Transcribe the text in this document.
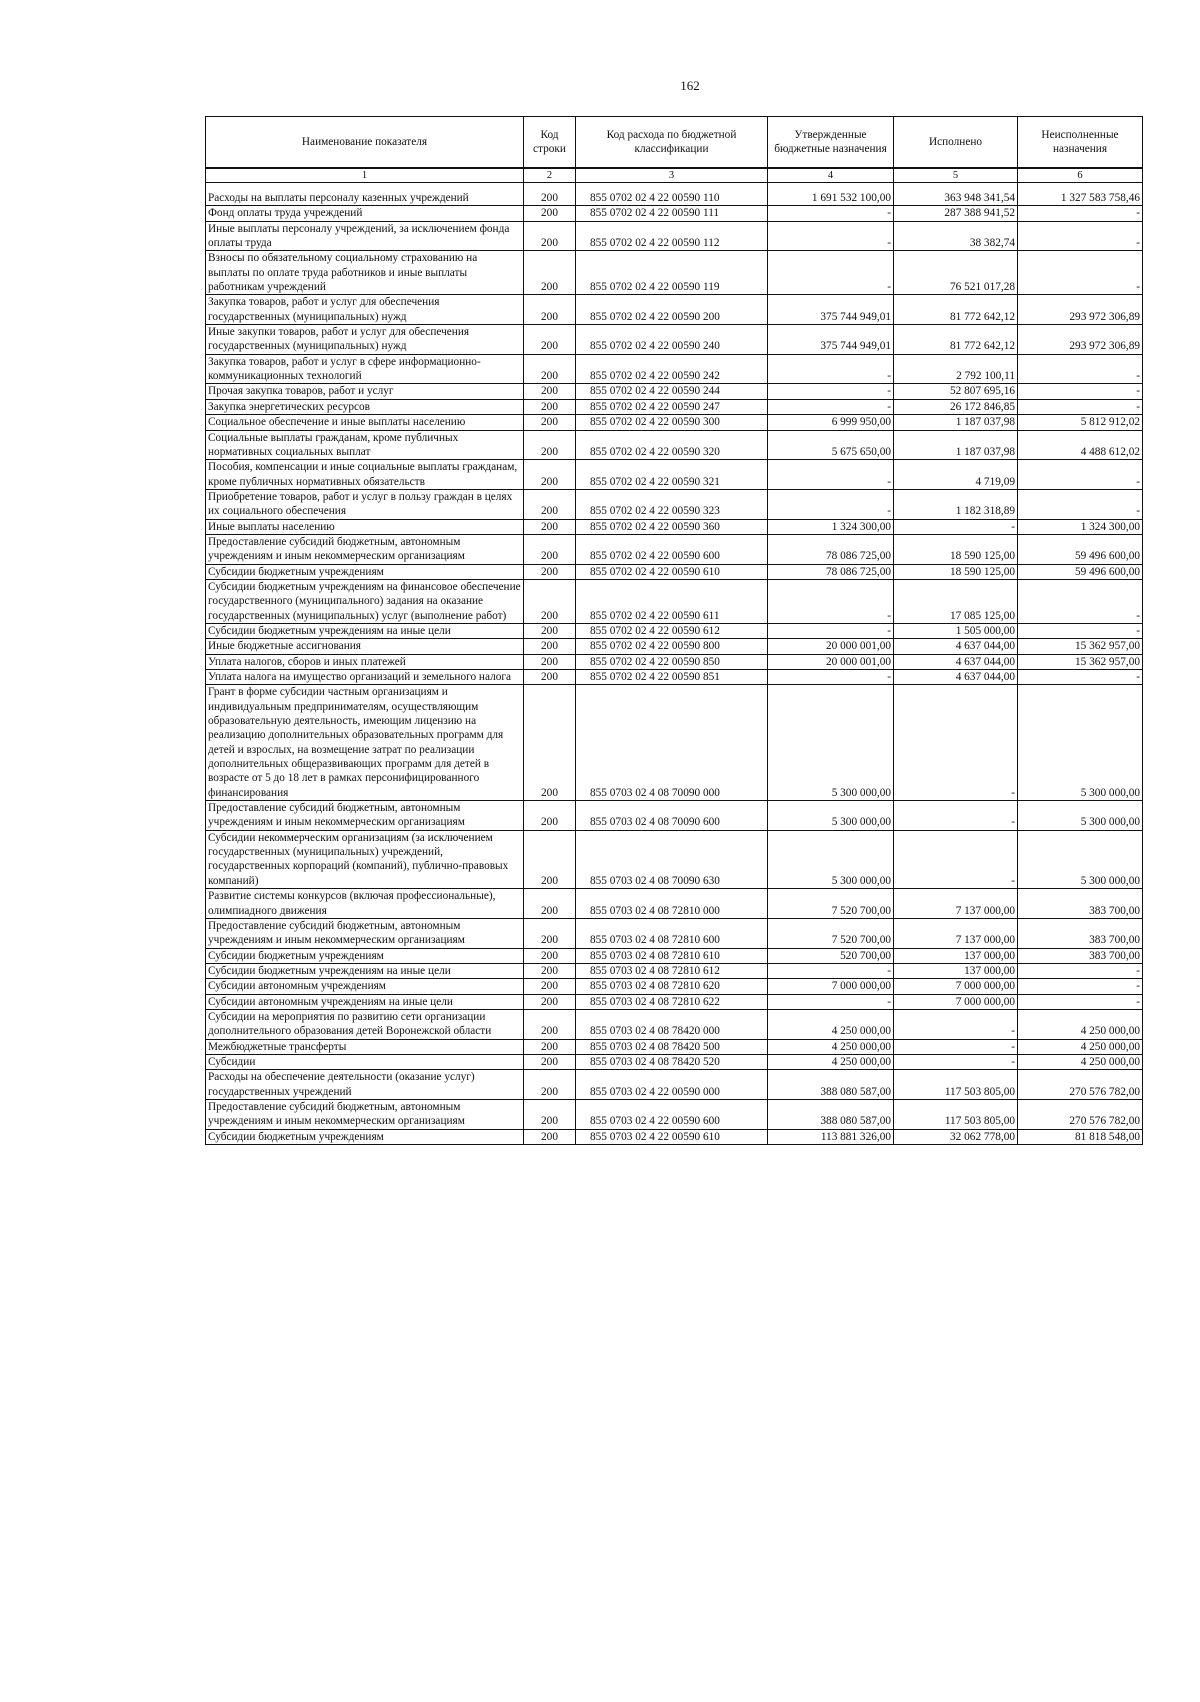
162
Наименование показателя	Код строки	Код расхода по бюджетной классификации	Утвержденные бюджетные назначения	Исполнено	Неисполненные назначения
1	2	3	4	5	6
Расходы на выплаты персоналу казенных учреждений	200	855 0702 02 4 22 00590 110	1 691 532 100,00	363 948 341,54	1 327 583 758,46
Фонд оплаты труда учреждений	200	855 0702 02 4 22 00590 111	-	287 388 941,52	-
Иные выплаты персоналу учреждений, за исключением фонда оплаты труда	200	855 0702 02 4 22 00590 112	-	38 382,74	-
Взносы по обязательному социальному страхованию на выплаты по оплате труда работников и иные выплаты работникам учреждений	200	855 0702 02 4 22 00590 119	-	76 521 017,28	-
Закупка товаров, работ и услуг для обеспечения государственных (муниципальных) нужд	200	855 0702 02 4 22 00590 200	375 744 949,01	81 772 642,12	293 972 306,89
Иные закупки товаров, работ и услуг для обеспечения государственных (муниципальных) нужд	200	855 0702 02 4 22 00590 240	375 744 949,01	81 772 642,12	293 972 306,89
Закупка товаров, работ и услуг в сфере информационно-коммуникационных технологий	200	855 0702 02 4 22 00590 242	-	2 792 100,11	-
Прочая закупка товаров, работ и услуг	200	855 0702 02 4 22 00590 244	-	52 807 695,16	-
Закупка энергетических ресурсов	200	855 0702 02 4 22 00590 247	-	26 172 846,85	-
Социальное обеспечение и иные выплаты населению	200	855 0702 02 4 22 00590 300	6 999 950,00	1 187 037,98	5 812 912,02
Социальные выплаты гражданам, кроме публичных нормативных социальных выплат	200	855 0702 02 4 22 00590 320	5 675 650,00	1 187 037,98	4 488 612,02
Пособия, компенсации и иные социальные выплаты гражданам, кроме публичных нормативных обязательств	200	855 0702 02 4 22 00590 321	-	4 719,09	-
Приобретение товаров, работ и услуг в пользу граждан в целях их социального обеспечения	200	855 0702 02 4 22 00590 323	-	1 182 318,89	-
Иные выплаты населению	200	855 0702 02 4 22 00590 360	1 324 300,00	-	1 324 300,00
Предоставление субсидий бюджетным, автономным учреждениям и иным некоммерческим организациям	200	855 0702 02 4 22 00590 600	78 086 725,00	18 590 125,00	59 496 600,00
Субсидии бюджетным учреждениям	200	855 0702 02 4 22 00590 610	78 086 725,00	18 590 125,00	59 496 600,00
Субсидии бюджетным учреждениям на финансовое обеспечение государственного (муниципального) задания на оказание государственных (муниципальных) услуг (выполнение работ)	200	855 0702 02 4 22 00590 611	-	17 085 125,00	-
Субсидии бюджетным учреждениям на иные цели	200	855 0702 02 4 22 00590 612	-	1 505 000,00	-
Иные бюджетные ассигнования	200	855 0702 02 4 22 00590 800	20 000 001,00	4 637 044,00	15 362 957,00
Уплата налогов, сборов и иных платежей	200	855 0702 02 4 22 00590 850	20 000 001,00	4 637 044,00	15 362 957,00
Уплата налога на имущество организаций и земельного налога	200	855 0702 02 4 22 00590 851	-	4 637 044,00	-
Грант в форме субсидии частным организациям и индивидуальным предпринимателям, осуществляющим образовательную деятельность, имеющим лицензию на реализацию дополнительных образовательных программ для детей и взрослых, на возмещение затрат по реализации дополнительных общеразвивающих программ для детей в возрасте от 5 до 18 лет в рамках персонифицированного финансирования	200	855 0703 02 4 08 70090 000	5 300 000,00	-	5 300 000,00
Предоставление субсидий бюджетным, автономным учреждениям и иным некоммерческим организациям	200	855 0703 02 4 08 70090 600	5 300 000,00	-	5 300 000,00
Субсидии некоммерческим организациям (за исключением государственных (муниципальных) учреждений, государственных корпораций (компаний), публично-правовых компаний)	200	855 0703 02 4 08 70090 630	5 300 000,00	-	5 300 000,00
Развитие системы конкурсов (включая профессиональные), олимпиадного движения	200	855 0703 02 4 08 72810 000	7 520 700,00	7 137 000,00	383 700,00
Предоставление субсидий бюджетным, автономным учреждениям и иным некоммерческим организациям	200	855 0703 02 4 08 72810 600	7 520 700,00	7 137 000,00	383 700,00
Субсидии бюджетным учреждениям	200	855 0703 02 4 08 72810 610	520 700,00	137 000,00	383 700,00
Субсидии бюджетным учреждениям на иные цели	200	855 0703 02 4 08 72810 612	-	137 000,00	-
Субсидии автономным учреждениям	200	855 0703 02 4 08 72810 620	7 000 000,00	7 000 000,00	-
Субсидии автономным учреждениям на иные цели	200	855 0703 02 4 08 72810 622	-	7 000 000,00	-
Субсидии на мероприятия по развитию сети организации дополнительного образования детей Воронежской области	200	855 0703 02 4 08 78420 000	4 250 000,00	-	4 250 000,00
Межбюджетные трансферты	200	855 0703 02 4 08 78420 500	4 250 000,00	-	4 250 000,00
Субсидии	200	855 0703 02 4 08 78420 520	4 250 000,00	-	4 250 000,00
Расходы на обеспечение деятельности (оказание услуг) государственных учреждений	200	855 0703 02 4 22 00590 000	388 080 587,00	117 503 805,00	270 576 782,00
Предоставление субсидий бюджетным, автономным учреждениям и иным некоммерческим организациям	200	855 0703 02 4 22 00590 600	388 080 587,00	117 503 805,00	270 576 782,00
Субсидии бюджетным учреждениям	200	855 0703 02 4 22 00590 610	113 881 326,00	32 062 778,00	81 818 548,00
